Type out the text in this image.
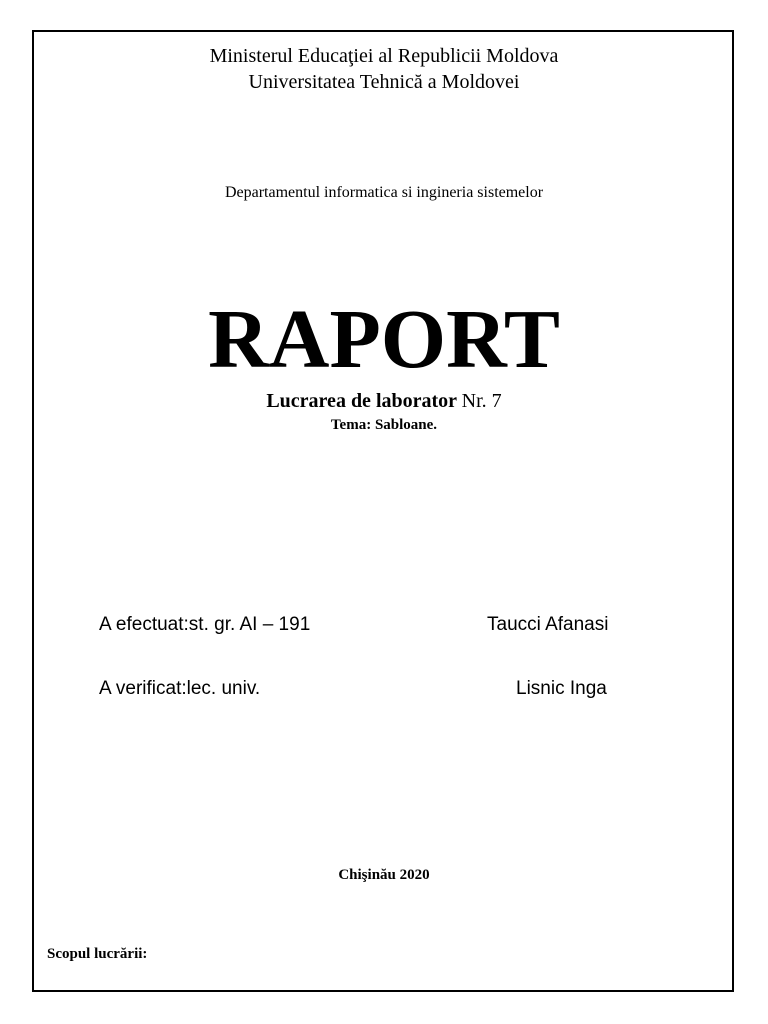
Ministerul Educaţiei al Republicii Moldova
Universitatea Tehnică a Moldovei
Departamentul informatica si ingineria sistemelor
RAPORT
Lucrarea de laborator Nr. 7
Tema: Sabloane.
A efectuat:st. gr. AI – 191	Taucci Afanasi
A verificat:lec. univ.	Lisnic Inga
Chişinău 2020
Scopul lucrării:
